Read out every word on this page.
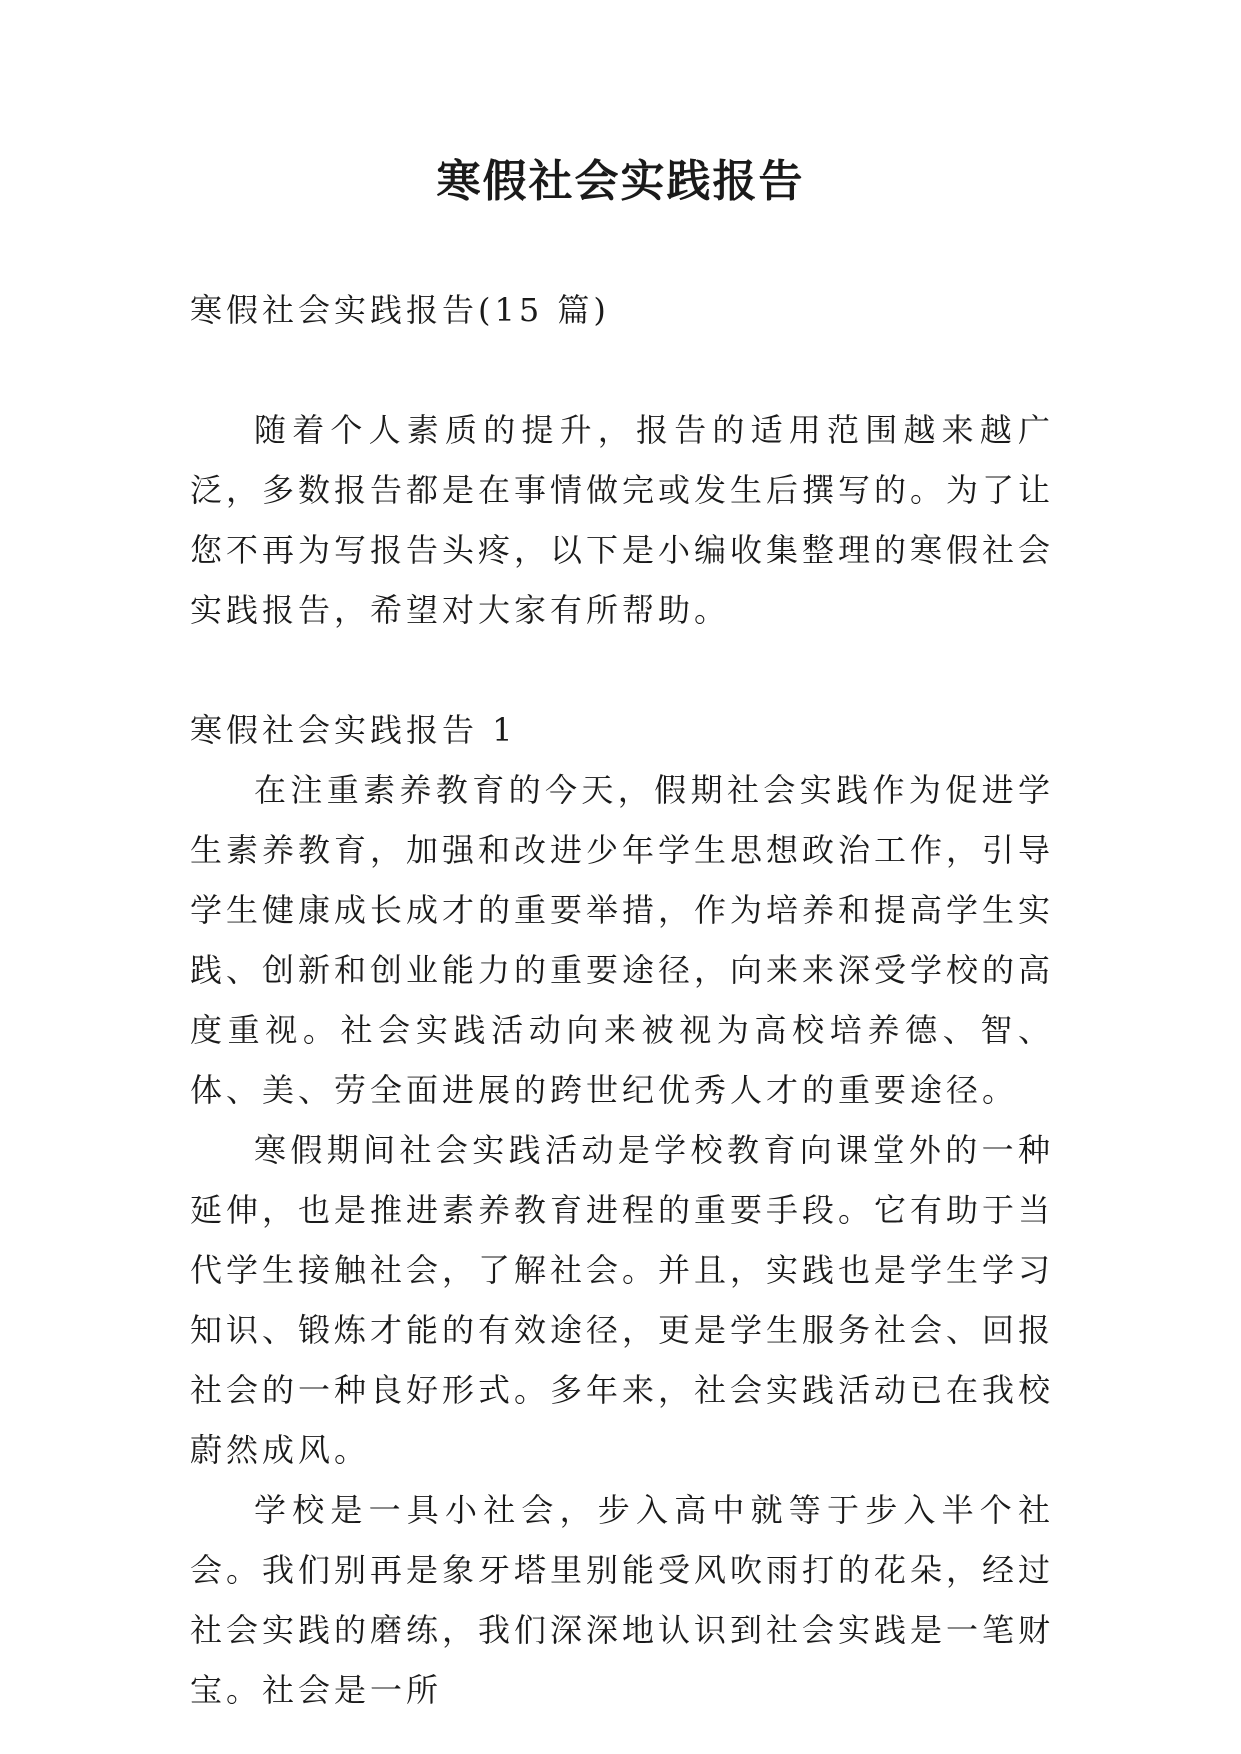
寒假社会实践报告

寒假社会实践报告(15 篇)

随着个人素质的提升，报告的适用范围越来越广泛，多数报告都是在事情做完或发生后撰写的。为了让您不再为写报告头疼，以下是小编收集整理的寒假社会实践报告，希望对大家有所帮助。

寒假社会实践报告 1

在注重素养教育的今天，假期社会实践作为促进学生素养教育，加强和改进少年学生思想政治工作，引导学生健康成长成才的重要举措，作为培养和提高学生实践、创新和创业能力的重要途径，向来来深受学校的高度重视。社会实践活动向来被视为高校培养德、智、体、美、劳全面进展的跨世纪优秀人才的重要途径。

寒假期间社会实践活动是学校教育向课堂外的一种延伸，也是推进素养教育进程的重要手段。它有助于当代学生接触社会，了解社会。并且，实践也是学生学习知识、锻炼才能的有效途径，更是学生服务社会、回报社会的一种良好形式。多年来，社会实践活动已在我校蔚然成风。

学校是一具小社会，步入高中就等于步入半个社会。我们别再是象牙塔里别能受风吹雨打的花朵，经过社会实践的磨练，我们深深地认识到社会实践是一笔财宝。社会是一所
